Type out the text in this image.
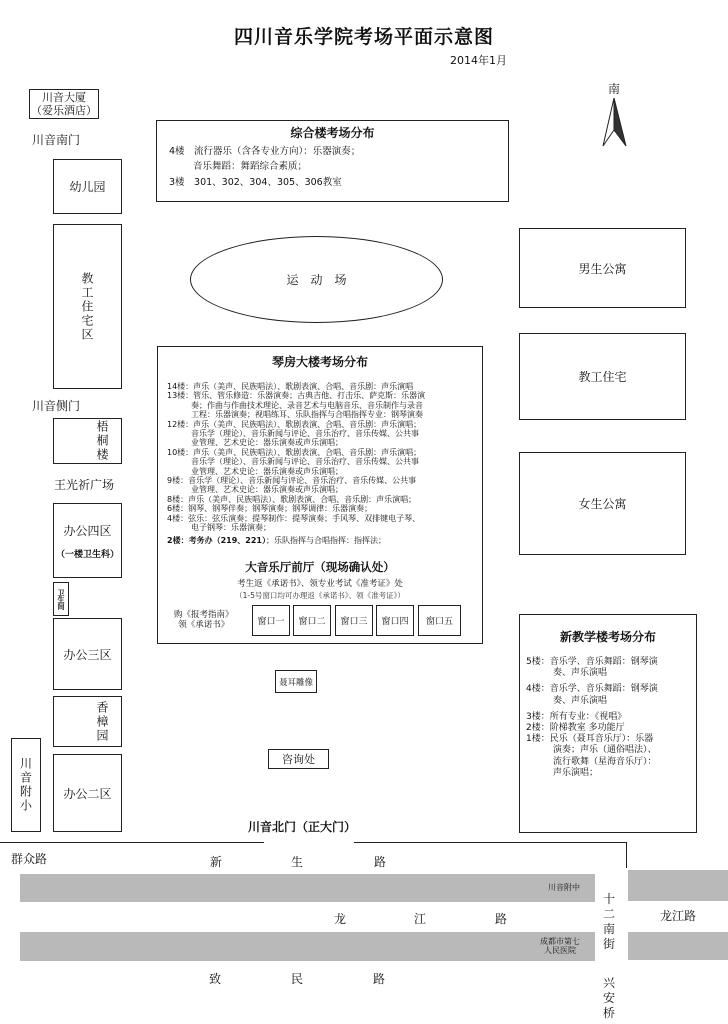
四川音乐学院考场平面示意图
2014年1月
南
川音大厦
（爱乐酒店）
川音南门
幼儿园
教工住宅区
川音侧门
梧桐楼
王光祈广场
办公四区
（一楼卫生科）
卫生间
办公三区
香樟园
川音附小	办公二区
综合楼考场分布
4楼　流行器乐（含各专业方向）：乐器演奏；
音乐舞蹈：舞蹈综合素质；
3楼　301、302、304、305、306教室
运　动　场
男生公寓
教工住宅
女生公寓
琴房大楼考场分布
14楼：声乐（美声、民族唱法）、歌剧表演、合唱、音乐剧：声乐演唱
13楼：管乐、管乐修造：乐器演奏；古典吉他、打击乐、萨克斯：乐器演
　　　奏；作曲与作曲技术理论、录音艺术与电脑音乐、音乐制作与录音
　　　工程：乐器演奏；视唱练耳、乐队指挥与合唱指挥专业：钢琴演奏
12楼：声乐（美声、民族唱法）、歌剧表演、合唱、音乐剧：声乐演唱；
　　　音乐学（理论）、音乐新闻与评论、音乐治疗、音乐传媒、公共事
　　　业管理、艺术史论：器乐演奏或声乐演唱；
10楼：声乐（美声、民族唱法）、歌剧表演、合唱、音乐剧：声乐演唱；
　　　音乐学（理论）、音乐新闻与评论、音乐治疗、音乐传媒、公共事
　　　业管理、艺术史论：器乐演奏或声乐演唱；
9楼：音乐学（理论）、音乐新闻与评论、音乐治疗、音乐传媒、公共事
　　　业管理、艺术史论：器乐演奏或声乐演唱；
8楼：声乐（美声、民族唱法）、歌剧表演、合唱、音乐剧：声乐演唱；
6楼：钢琴、钢琴伴奏；钢琴演奏；钢琴调律：乐器演奏；
4楼：弦乐：弦乐演奏；提琴制作：提琴演奏；手风琴、双排键电子琴、
　　　电子钢琴：乐器演奏；
2楼：考务办（219、221）；乐队指挥与合唱指挥：指挥法；
大音乐厅前厅（现场确认处）
考生返《承诺书》、领专业考试《准考证》处
（1-5号窗口均可办理返《承诺书》、领《准考证》）
购《报考指南》
领《承诺书》	窗口一	窗口二	窗口三	窗口四	窗口五
聂耳雕像
咨询处
新教学楼考场分布
5楼：音乐学、音乐舞蹈：钢琴演
　　　奏、声乐演唱
4楼：音乐学、音乐舞蹈：钢琴演
　　　奏、声乐演唱
3楼：所有专业：《视唱》
2楼：阶梯教室 多功能厅
1楼：民乐（聂耳音乐厅）：乐器
　　　演奏；声乐（通俗唱法）、
　　　流行歌舞（星海音乐厅）：
　　　声乐演唱；
川音北门（正大门）
群众路	新	生	路
川音附中
龙	江	路
成都市第七
人民医院
十二南街
龙江路
致	民	路	兴安桥
